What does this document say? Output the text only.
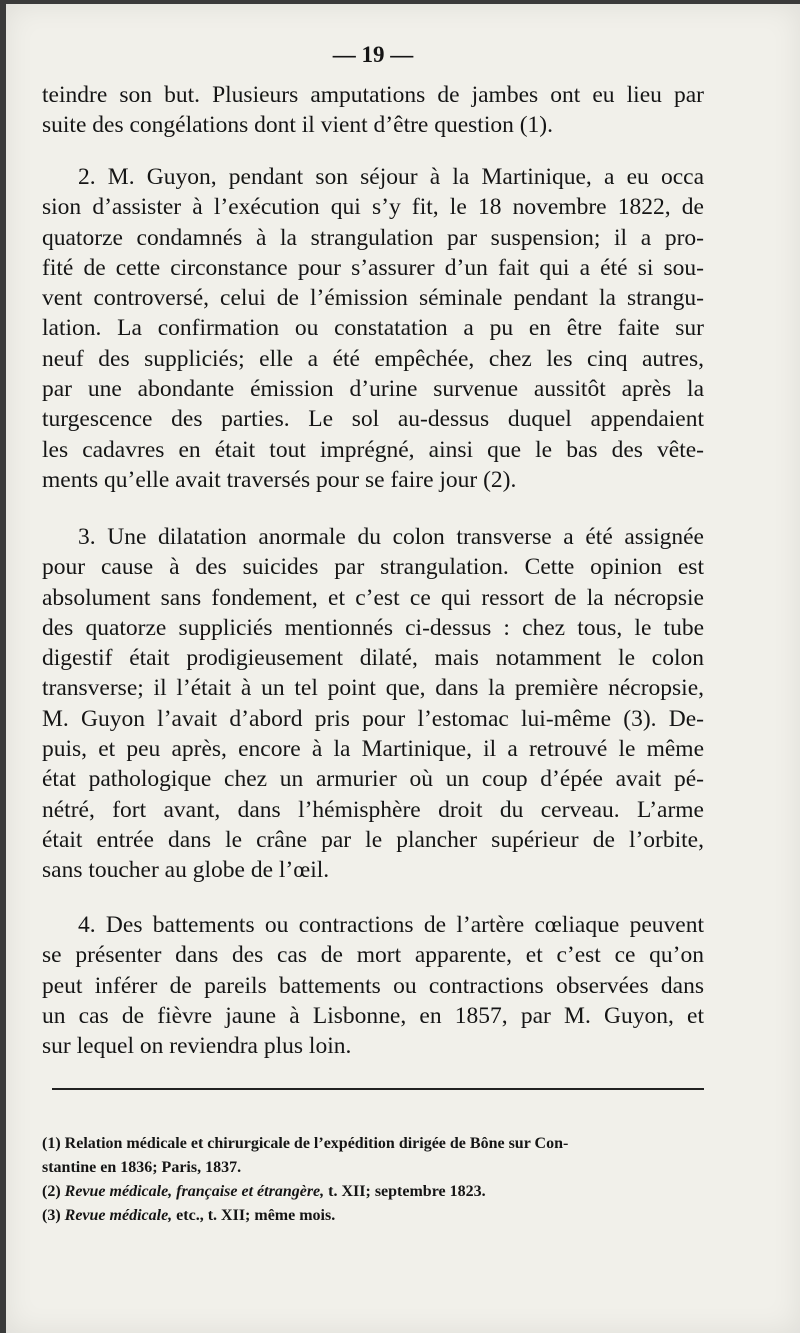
— 19 —
teindre son but. Plusieurs amputations de jambes ont eu lieu par
suite des congélations dont il vient d’être question (1).
2. M. Guyon, pendant son séjour à la Martinique, a eu occa
sion d’assister à l’exécution qui s’y fit, le 18 novembre 1822, de
quatorze condamnés à la strangulation par suspension; il a pro-
fité de cette circonstance pour s’assurer d’un fait qui a été si sou-
vent controversé, celui de l’émission séminale pendant la strangu-
lation. La confirmation ou constatation a pu en être faite sur
neuf des suppliciés; elle a été empêchée, chez les cinq autres,
par une abondante émission d’urine survenue aussitôt après la
turgescence des parties. Le sol au-dessus duquel appendaient
les cadavres en était tout imprégné, ainsi que le bas des vête-
ments qu’elle avait traversés pour se faire jour (2).
3. Une dilatation anormale du colon transverse a été assignée
pour cause à des suicides par strangulation. Cette opinion est
absolument sans fondement, et c’est ce qui ressort de la nécropsie
des quatorze suppliciés mentionnés ci-dessus : chez tous, le tube
digestif était prodigieusement dilaté, mais notamment le colon
transverse; il l’était à un tel point que, dans la première nécropsie,
M. Guyon l’avait d’abord pris pour l’estomac lui-même (3). De-
puis, et peu après, encore à la Martinique, il a retrouvé le même
état pathologique chez un armurier où un coup d’épée avait pé-
nétré, fort avant, dans l’hémisphère droit du cerveau. L’arme
était entrée dans le crâne par le plancher supérieur de l’orbite,
sans toucher au globe de l’œil.
4. Des battements ou contractions de l’artère cœliaque peuvent
se présenter dans des cas de mort apparente, et c’est ce qu’on
peut inférer de pareils battements ou contractions observées dans
un cas de fièvre jaune à Lisbonne, en 1857, par M. Guyon, et
sur lequel on reviendra plus loin.
(1) Relation médicale et chirurgicale de l’expédition dirigée de Bône sur Con-
stantine en 1836; Paris, 1837.
(2) Revue médicale, française et étrangère, t. XII; septembre 1823.
(3) Revue médicale, etc., t. XII; même mois.
